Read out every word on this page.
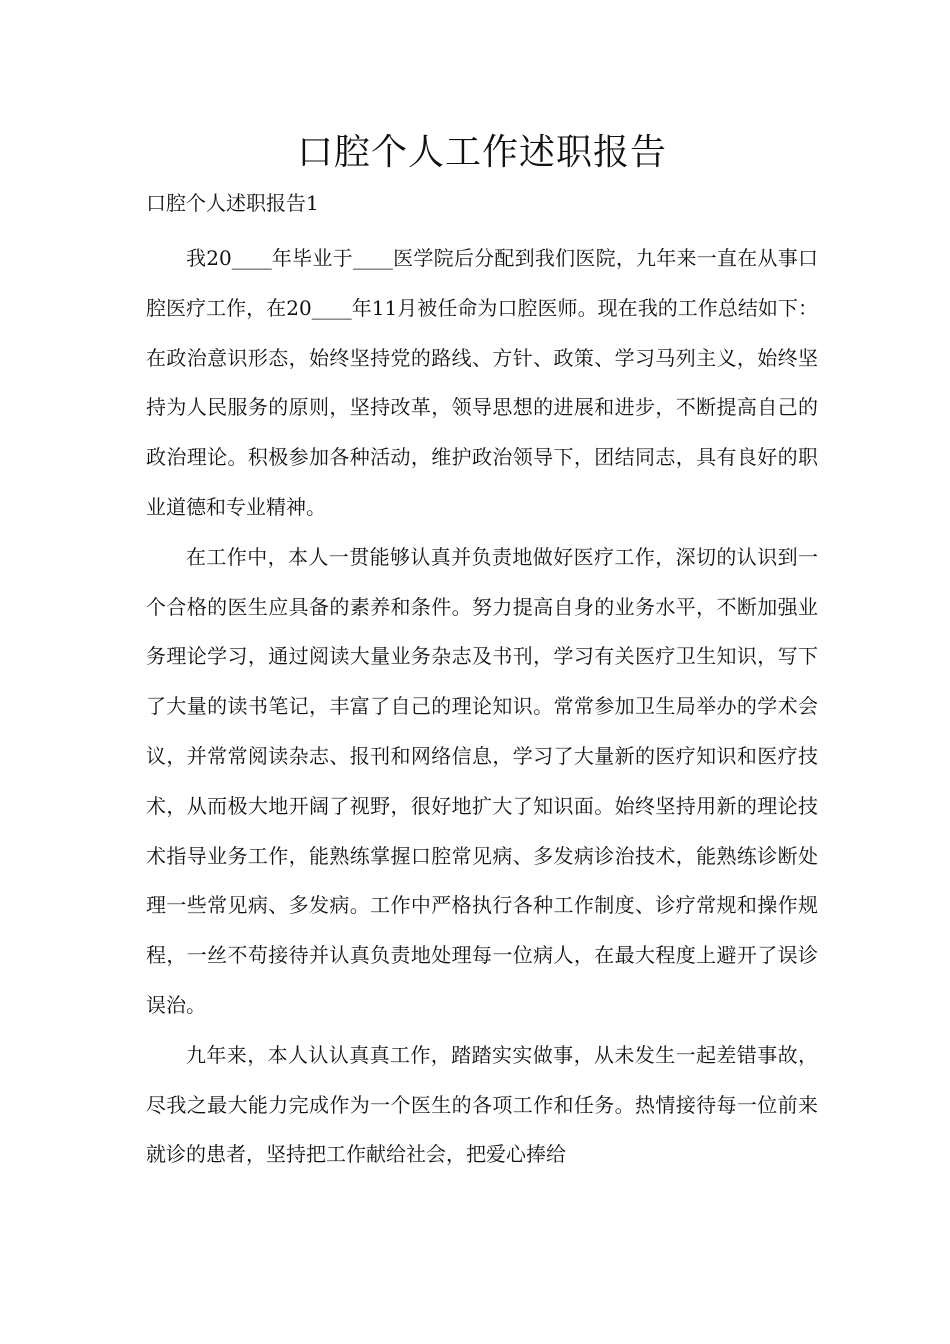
口腔个人工作述职报告

口腔个人述职报告1

我20____年毕业于____医学院后分配到我们医院，九年来一直在从事口腔医疗工作，在20____年11月被任命为口腔医师。现在我的工作总结如下：在政治意识形态，始终坚持党的路线、方针、政策、学习马列主义，始终坚持为人民服务的原则，坚持改革，领导思想的进展和进步，不断提高自己的政治理论。积极参加各种活动，维护政治领导下，团结同志，具有良好的职业道德和专业精神。

在工作中，本人一贯能够认真并负责地做好医疗工作，深切的认识到一个合格的医生应具备的素养和条件。努力提高自身的业务水平，不断加强业务理论学习，通过阅读大量业务杂志及书刊，学习有关医疗卫生知识，写下了大量的读书笔记，丰富了自己的理论知识。常常参加卫生局举办的学术会议，并常常阅读杂志、报刊和网络信息，学习了大量新的医疗知识和医疗技术，从而极大地开阔了视野，很好地扩大了知识面。始终坚持用新的理论技术指导业务工作，能熟练掌握口腔常见病、多发病诊治技术，能熟练诊断处理一些常见病、多发病。工作中严格执行各种工作制度、诊疗常规和操作规程，一丝不苟接待并认真负责地处理每一位病人，在最大程度上避开了误诊误治。

九年来，本人认认真真工作，踏踏实实做事，从未发生一起差错事故，尽我之最大能力完成作为一个医生的各项工作和任务。热情接待每一位前来就诊的患者，坚持把工作献给社会，把爱心捧给
